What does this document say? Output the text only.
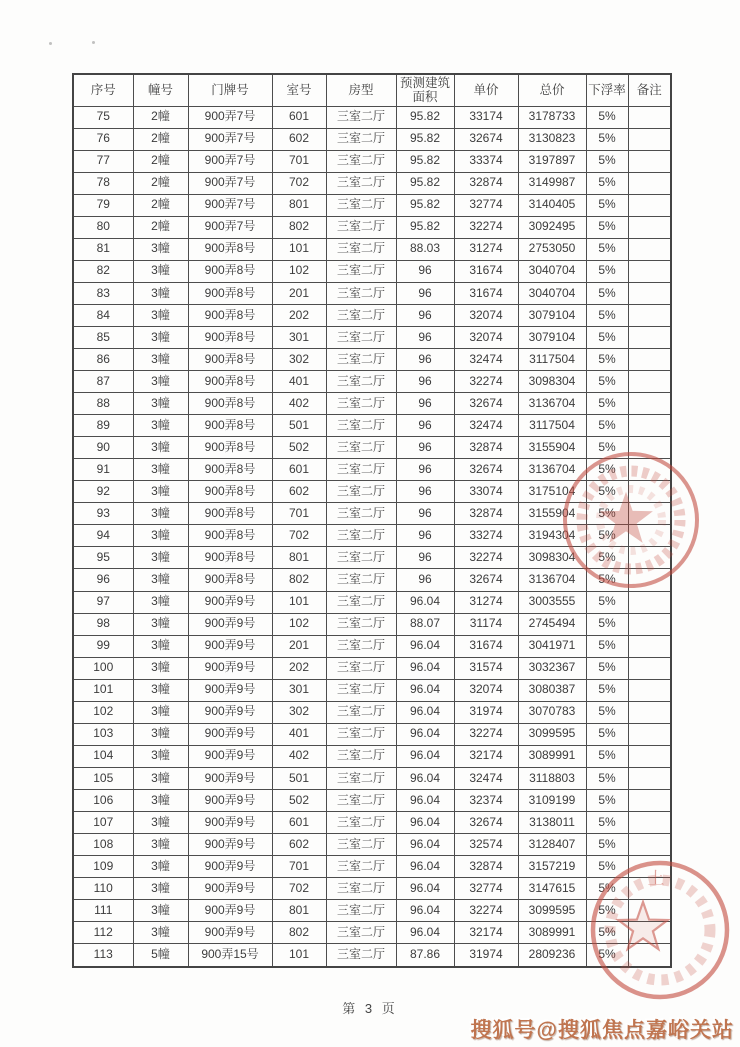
序号	幢号	门牌号	室号	房型	预测建筑面积	单价	总价	下浮率	备注
75	2幢	900弄7号	601	三室二厅	95.82	33174	3178733	5%	
76	2幢	900弄7号	602	三室二厅	95.82	32674	3130823	5%	
77	2幢	900弄7号	701	三室二厅	95.82	33374	3197897	5%	
78	2幢	900弄7号	702	三室二厅	95.82	32874	3149987	5%	
79	2幢	900弄7号	801	三室二厅	95.82	32774	3140405	5%	
80	2幢	900弄7号	802	三室二厅	95.82	32274	3092495	5%	
81	3幢	900弄8号	101	三室二厅	88.03	31274	2753050	5%	
82	3幢	900弄8号	102	三室二厅	96	31674	3040704	5%	
83	3幢	900弄8号	201	三室二厅	96	31674	3040704	5%	
84	3幢	900弄8号	202	三室二厅	96	32074	3079104	5%	
85	3幢	900弄8号	301	三室二厅	96	32074	3079104	5%	
86	3幢	900弄8号	302	三室二厅	96	32474	3117504	5%	
87	3幢	900弄8号	401	三室二厅	96	32274	3098304	5%	
88	3幢	900弄8号	402	三室二厅	96	32674	3136704	5%	
89	3幢	900弄8号	501	三室二厅	96	32474	3117504	5%	
90	3幢	900弄8号	502	三室二厅	96	32874	3155904	5%	
91	3幢	900弄8号	601	三室二厅	96	32674	3136704	5%	
92	3幢	900弄8号	602	三室二厅	96	33074	3175104	5%	
93	3幢	900弄8号	701	三室二厅	96	32874	3155904	5%	
94	3幢	900弄8号	702	三室二厅	96	33274	3194304	5%	
95	3幢	900弄8号	801	三室二厅	96	32274	3098304	5%	
96	3幢	900弄8号	802	三室二厅	96	32674	3136704	5%	
97	3幢	900弄9号	101	三室二厅	96.04	31274	3003555	5%	
98	3幢	900弄9号	102	三室二厅	88.07	31174	2745494	5%	
99	3幢	900弄9号	201	三室二厅	96.04	31674	3041971	5%	
100	3幢	900弄9号	202	三室二厅	96.04	31574	3032367	5%	
101	3幢	900弄9号	301	三室二厅	96.04	32074	3080387	5%	
102	3幢	900弄9号	302	三室二厅	96.04	31974	3070783	5%	
103	3幢	900弄9号	401	三室二厅	96.04	32274	3099595	5%	
104	3幢	900弄9号	402	三室二厅	96.04	32174	3089991	5%	
105	3幢	900弄9号	501	三室二厅	96.04	32474	3118803	5%	
106	3幢	900弄9号	502	三室二厅	96.04	32374	3109199	5%	
107	3幢	900弄9号	601	三室二厅	96.04	32674	3138011	5%	
108	3幢	900弄9号	602	三室二厅	96.04	32574	3128407	5%	
109	3幢	900弄9号	701	三室二厅	96.04	32874	3157219	5%	
110	3幢	900弄9号	702	三室二厅	96.04	32774	3147615	5%	
111	3幢	900弄9号	801	三室二厅	96.04	32274	3099595	5%	
112	3幢	900弄9号	802	三室二厅	96.04	32174	3089991	5%	
113	5幢	900弄15号	101	三室二厅	87.86	31974	2809236	5%	
上
第 3 页
搜狐号@搜狐焦点嘉峪关站
